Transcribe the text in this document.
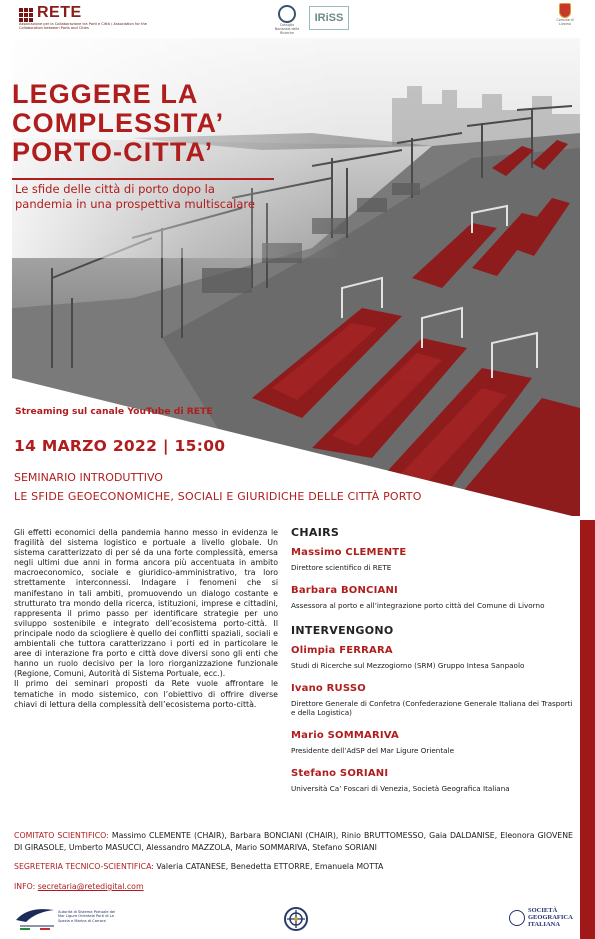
RETE
Associazione per la Collaborazione tra Porti e Città / Association for the Collaboration between Ports and Cities
Consiglio Nazionale delle Ricerche
IRiSS	Comune di Livorno
LEGGERE LA
COMPLESSITA’
PORTO-CITTA’
Le sfide delle città di porto dopo la
pandemia in una prospettiva multiscalare
Streaming sul canale YouTube di RETE
14 MARZO 2022 | 15:00
SEMINARIO INTRODUTTIVO
LE SFIDE GEOECONOMICHE, SOCIALI E GIURIDICHE DELLE CITTÀ PORTO

Gli effetti economici della pandemia hanno messo in evidenza le fragilità del sistema logistico e portuale a livello globale. Un sistema caratterizzato di per sé da una forte complessità, emersa negli ultimi due anni in forma ancora più accentuata in ambito macroeconomico, sociale e giuridico-amministrativo, tra loro strettamente interconnessi. Indagare i fenomeni che si manifestano in tali ambiti, promuovendo un dialogo costante e strutturato tra mondo della ricerca, istituzioni, imprese e cittadini, rappresenta il primo passo per identificare strategie per uno sviluppo sostenibile e integrato dell’ecosistema porto-città. Il principale nodo da sciogliere è quello dei conflitti spaziali, sociali e ambientali che tuttora caratterizzano i porti ed in particolare le aree di interazione fra porto e città dove diversi sono gli enti che hanno un ruolo decisivo per la loro riorganizzazione funzionale (Regione, Comuni, Autorità di Sistema Portuale, ecc.).

Il primo dei seminari proposti da Rete vuole affrontare le tematiche in modo sistemico, con l’obiettivo di offrire diverse chiavi di lettura della complessità dell’ecosistema porto-città.

CHAIRS
Massimo CLEMENTE
Direttore scientifico di RETE
Barbara BONCIANI
Assessora al porto e all’integrazione porto città del Comune di Livorno
INTERVENGONO
Olimpia FERRARA
Studi di Ricerche sul Mezzogiorno (SRM) Gruppo Intesa Sanpaolo
Ivano RUSSO
Direttore Generale di Confetra (Confederazione Generale Italiana dei Trasporti e della Logistica)
Mario SOMMARIVA
Presidente dell’AdSP del Mar Ligure Orientale
Stefano SORIANI
Università Ca’ Foscari di Venezia, Società Geografica Italiana
COMITATO SCIENTIFICO: Massimo CLEMENTE (CHAIR), Barbara BONCIANI (CHAIR), Rinio BRUTTOMESSO, Gaia DALDANISE, Eleonora GIOVENE DI GIRASOLE, Umberto MASUCCI, Alessandro MAZZOLA, Mario SOMMARIVA, Stefano SORIANI
SEGRETERIA TECNICO-SCIENTIFICA: Valeria CATANESE, Benedetta ETTORRE, Emanuela MOTTA
INFO: secretaria@retedigital.com
Autorità di Sistema Portuale del Mar Ligure Orientale Porti di La Spezia e Marina di Carrara
SOCIETÀ
GEOGRAFICA
ITALIANA
